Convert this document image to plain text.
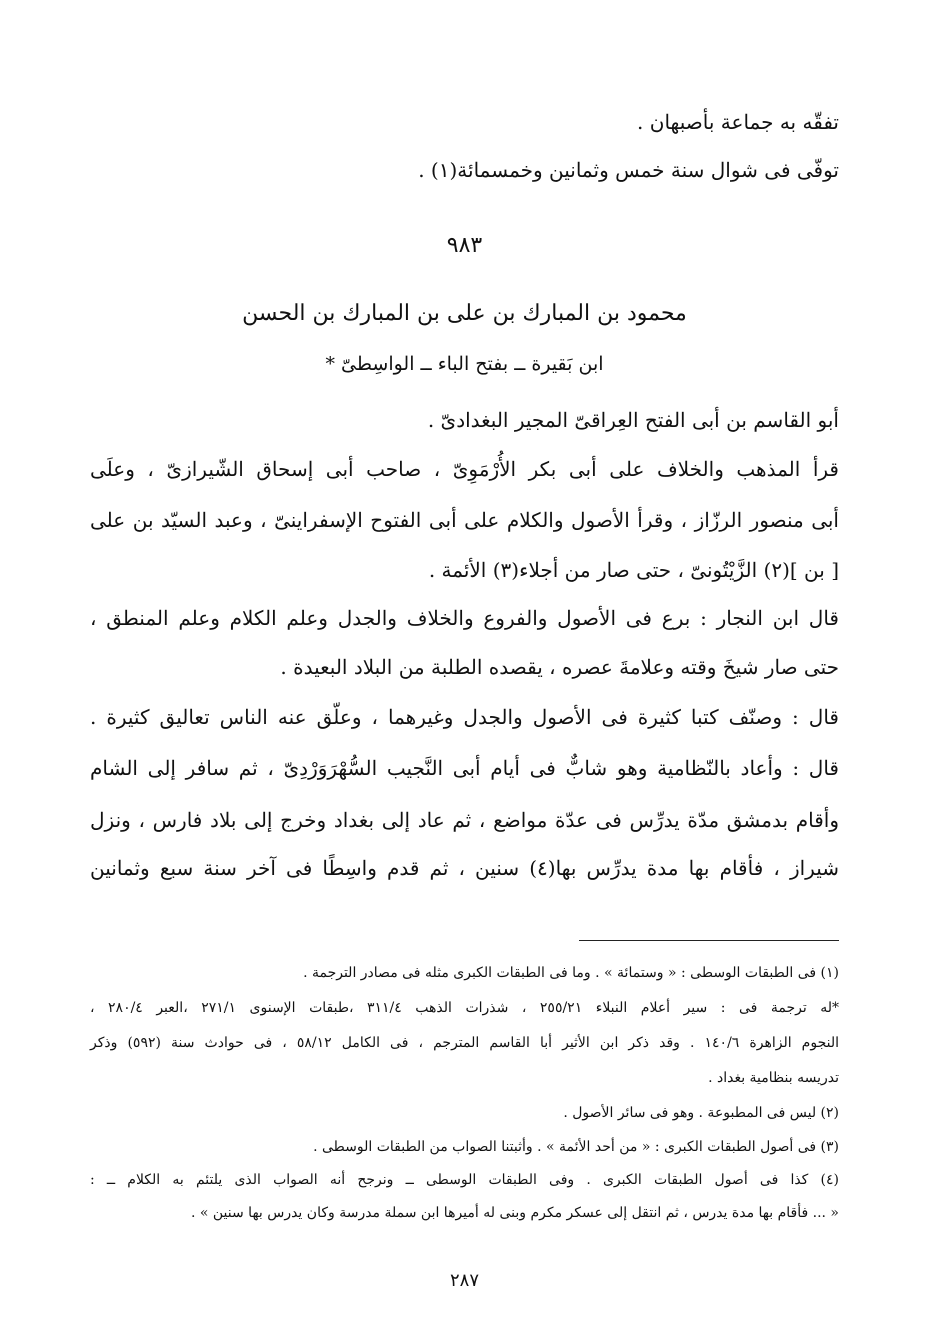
تفقّه به جماعة بأصبهان .
توفّى فى شوال سنة خمس وثمانين وخمسمائة(١) .
٩٨٣
محمود بن المبارك بن على بن المبارك بن الحسن
ابن بَقيرة ــ بفتح الباء ــ الواسِطىّ *
أبو القاسم بن أبى الفتح العِراقىّ المجير البغدادىّ .
قرأ المذهب والخلاف على أبى بكر الأُرْمَوِىّ ، صاحب أبى إسحاق الشّيرازىّ ، وعلَى
أبى منصور الرزّاز ، وقرأ الأصول والكلام على أبى الفتوح الإسفراينىّ ، وعبد السيّد بن على
[ بن ](٢) الزَّيْتُونىّ ، حتى صار من أجلاء(٣) الأئمة .
قال ابن النجار : برع فى الأصول والفروع والخلاف والجدل وعلم الكلام وعلم المنطق ،
حتى صار شيخَ وقته وعلامةَ عصره ، يقصده الطلبة من البلاد البعيدة .
قال : وصنّف كتبا كثيرة فى الأصول والجدل وغيرهما ، وعلّق عنه الناس تعاليق كثيرة .
قال : وأعاد بالنّظامية وهو شابٌّ فى أيام أبى النَّجيب السُّهْرَوَرْدِىّ ، ثم سافر إلى الشام
وأقام بدمشق مدّة يدرِّس فى عدّة مواضع ، ثم عاد إلى بغداد وخرج إلى بلاد فارس ، ونزل
شيراز ، فأقام بها مدة يدرِّس بها(٤) سنين ، ثم قدم واسِطًا فى آخر سنة سبع وثمانين
(١) فى الطبقات الوسطى : « وستمائة » . وما فى الطبقات الكبرى مثله فى مصادر الترجمة .
*له ترجمة فى : سير أعلام النبلاء ٢٥٥/٢١ ، شذرات الذهب ٣١١/٤ ،طبقات الإسنوى ٢٧١/١ ،العبر ٢٨٠/٤ ،
النجوم الزاهرة ١٤٠/٦ . وقد ذكر ابن الأثير أبا القاسم المترجم ، فى الكامل ٥٨/١٢ ، فى حوادث سنة (٥٩٢) وذكر
تدريسه بنظامية بغداد .
(٢) ليس فى المطبوعة . وهو فى سائر الأصول .
(٣) فى أصول الطبقات الكبرى : « من أحد الأئمة » . وأثبتنا الصواب من الطبقات الوسطى .
(٤) كذا فى أصول الطبقات الكبرى . وفى الطبقات الوسطى ــ ونرجح أنه الصواب الذى يلتئم به الكلام ــ :
« ... فأقام بها مدة يدرس ، ثم انتقل إلى عسكر مكرم وبنى له أميرها ابن سملة مدرسة وكان يدرس بها سنين » .
٢٨٧
